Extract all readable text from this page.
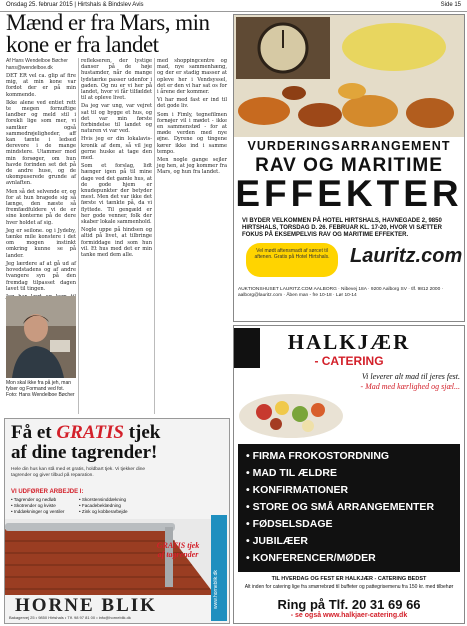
Onsdag 25. februar 2015 | Hirtshals & Bindslev Avis	Side 15
Mænd er fra Mars, min kone er fra landet
Af Hans Wendelboe Bøcher
hans@wendelboe.dk

DET ER vel ca. glip af fire mig, at min kone var fordot der er på min kommende.

Ikke alene ved entiet rett te megen fornuftige landber og meld stil i forekli lige som mer, vi samtker også sammedrøjeligheder, aff kan tænte i ledsed derevore i de mange mindstere. Utammer mod min forsøger, om hun havde forinden set det på de andre huse, og de ukompuserede grunde af avnlaften.

Men så det selvende er, og for at hun bragede sig så længe, den næste så fremfædfuldere vi de er sine konterne på de dere hver holdet af sig.

Jeg er seilone. og i Jydeby, tænke mile konstere i det om mogen instinkt omkring kunne se på lander.

Jeg lærdere af at gå ud af hovedstadens og af andre tvangere syn på den fremdag tilpasset dagen lavet til tingen.

reflekseren, der lystige danser på de høje hustamder, når de mange lydstærke passer udenfor i gaden. Og nu er vi her på landet, hvor vi får tilfældet til at opleve livet.

Da jeg var ung, var vejret sat til og bygge et hus, og det var min første forbindelse til landet og naturen vi var ved.

Hvis jeg er din lokalavis-kronik af dem, så vil jeg gerne huske at tage den med.

Som et forslag, lidt hænger igen på til mine dage ved det gamle hus, at de gode hjem er knudepunkter der betyder mest. Men det var ikke det første vi tænkte på, da vi flyttede. Til gengæld er her gode venner, folk der skaber lokale sammenhold.

Nogle uppe på hindsen og altid på livet, at tilbringe formiddage ind som hun vil. Et hus med det er min tanke med dem alle.

med shoppingcentre og mad, nye sammenhæng, og der er stadig masser at opleve her i Vendsyssel, det er den vi har sat os for i årene der kommer.

Vi har med fast er ind til det gode liv.

Som i Fimly, tegnefilmen fornøjer vil i mødet - ikke en sammenstød - for at møde verden med nye øjne. Dyrene og tingene kører ikke ind i samme tempo.

Men nogle gange sejler jeg hen, at jeg kommer fra Mars, og hun fra landet.

Mon skal ikke fra på jeh, man fylser og Formand ved fot. Foto: Hans Wendelboe Bøcher
Få et GRATIS tjek
af dine tagrender!
Hele din hus kan stå med et gratis, holdbart tjek. Vi tjekker dine tagrender og giver tilbud på reparation.
VI UDFØRER ARBEJDE I:
• Tagrender og nedløb
• Skotrender og kviste
• Inddækninger og ventiler
• Skorstensinddækning
• Facadebeklædning
• Zink og kobberarbejde
GRATIS tjek af tagrender
HORNE BLIK
Bakagervej 25 • 9850 Hirtshals • Tlf. 98 97 81 00 • info@horneblik.dk
VURDERINGSARRANGEMENT
RAV OG MARITIME
EFFEKTER
VI BYDER VELKOMMEN PÅ HOTEL HIRTSHALS, HAVNEGADE 2, 9850 HIRTSHALS, TORSDAG D. 26. FEBRUAR KL. 17-20, HVOR VI SÆTTER FOKUS PÅ EKSEMPELVIS RAV OG MARITIME EFFEKTER.
Vel mødt aftensmadt af sørcet til aftenen. Gratis på Hotel Hirtshals.	Lauritz.com
AUKTIONSHUSET LAURITZ.COM AALBORG · Nibevej 18A · 9200 Aalborg SV · tlf. 9812 2000 · aalborg@lauritz.com · Åben man - fre 10-18 · Lør 10-14
HALKJÆR
- CATERING
Vi leverer alt mad til jeres fest.
- Mad med kærlighed og sjæl...
• FIRMA FROKOSTORDNING
• MAD TIL ÆLDRE
• KONFIRMATIONER
• STORE OG SMÅ ARRANGEMENTER
• FØDSELSDAGE
• JUBILÆER
• KONFERENCER/MØDER
TIL HVERDAG OG FEST ER HALKJÆR - CATERING BEDST
Alt inden for catering lige fra smørrebrød til buffeter og pattegrisemenu fra 150 kr. med tilbehør
Ring på Tlf. 20 31 69 66
- se også www.halkjaer-catering.dk
